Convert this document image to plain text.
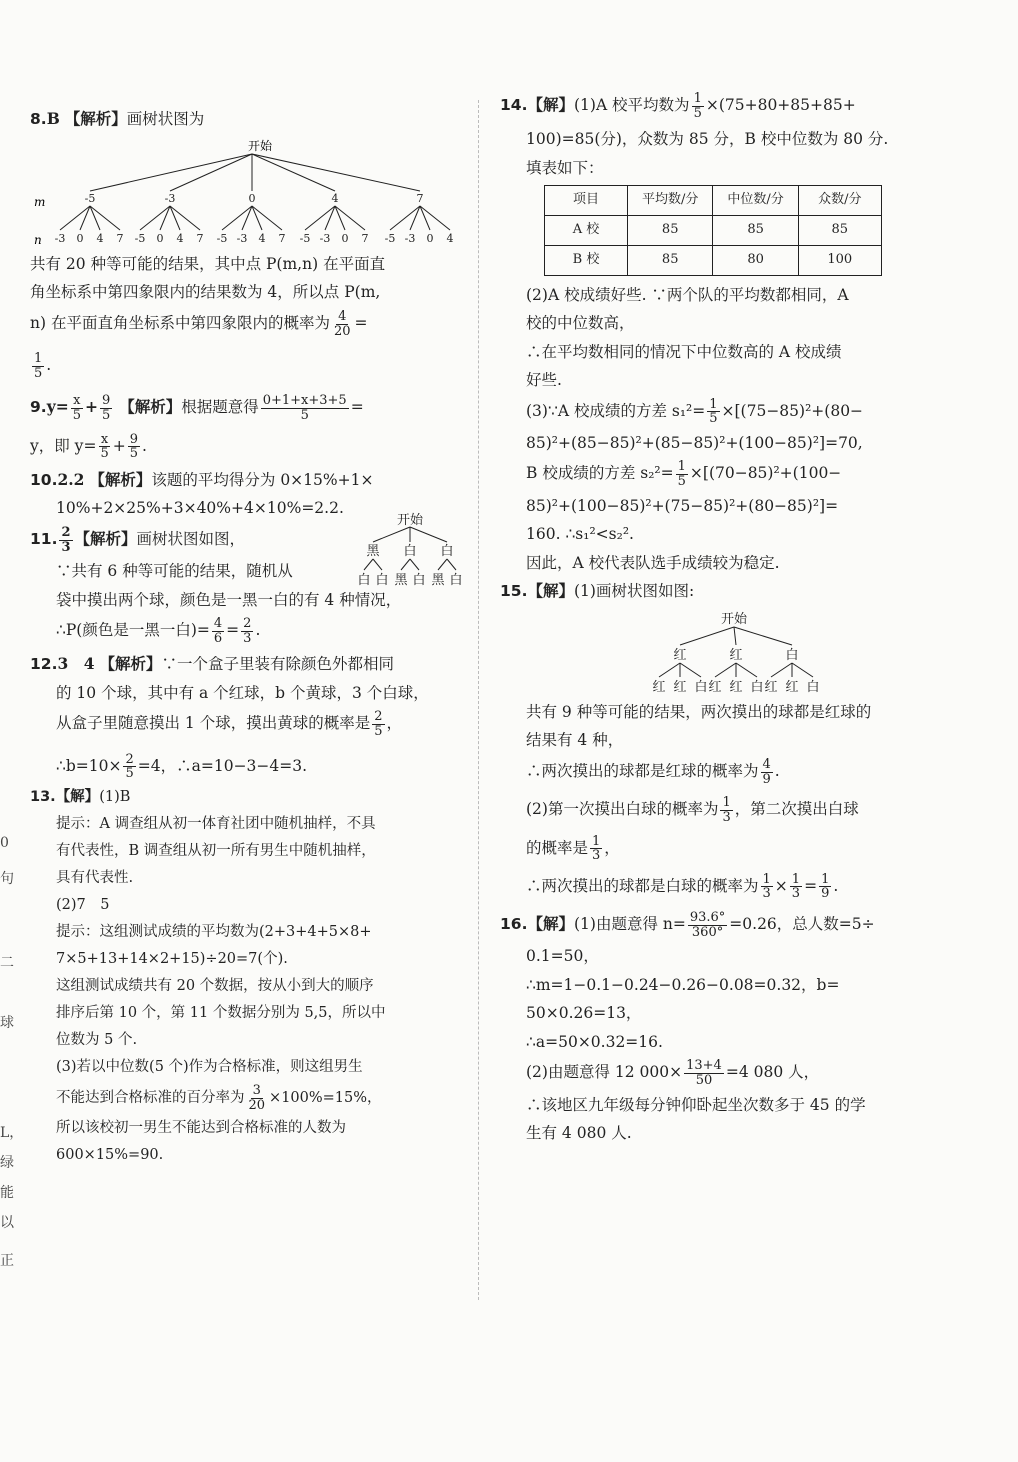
0
句
二
球
L，
绿
能
以
正

8.B 【解析】画树状图为

开始
m
n
-5
-3 0 4 7
-3
-5 0 4 7
0
-5 -3 4 7
4
-5 -3 0 7
7
-5 -3 0 4

共有 20 种等可能的结果，其中点 P(m,n) 在平面直

角坐标系中第四象限内的结果数为 4，所以点 P(m,

n) 在平面直角坐标系中第四象限内的概率为 $\frac{4}{20}$ =

$\frac{1}{5}$ .

$9.y= \frac{x}{5} + \frac{9}{5}$ 【解析】根据题意得 $\frac{0+1+x+3+5}{5}$ =

y，即 $y= \frac{x}{5} + \frac{9}{5}$ .

10.2.2 【解析】该题的平均得分为 0×15%+1×

10%+2×25%+3×40%+4×10%=2.2.

11. $\frac{2}{3}$ 【解析】画树状图如图，

开始
黑
白 白
白
黑 白
白
黑 白

∵共有 6 种等可能的结果，随机从

袋中摸出两个球，颜色是一黑一白的有 4 种情况，

∴P(颜色是一黑一白)= $\frac{4}{6} = \frac{2}{3}$ .

12.3　4 【解析】∵一个盒子里装有除颜色外都相同

的 10 个球，其中有 a 个红球，b 个黄球，3 个白球，

从盒子里随意摸出 1 个球，摸出黄球的概率是 $\frac{2}{5}$ ，

∴b=10× $\frac{2}{5} =4$，∴a=10−3−4=3.

13.【解】(1)B

提示：A 调查组从初一体育社团中随机抽样，不具

有代表性，B 调查组从初一所有男生中随机抽样，

具有代表性.

(2)7　5

提示：这组测试成绩的平均数为(2+3+4+5×8+

7×5+13+14×2+15)÷20=7(个).

这组测试成绩共有 20 个数据，按从小到大的顺序

排序后第 10 个，第 11 个数据分别为 5,5，所以中

位数为 5 个.

(3)若以中位数(5 个)作为合格标准，则这组男生

不能达到合格标准的百分率为 $\frac{3}{20} \times 100\%=15\%$，

所以该校初一男生不能达到合格标准的人数为

600×15%=90.

14.【解】(1)A 校平均数为 $\frac{1}{5} \times(75+80+85+85+$

100)=85(分)，众数为 85 分，B 校中位数为 80 分.

填表如下：

项目	平均数/分	中位数/分	众数/分
A 校	85	85	85
B 校	85	80	100

(2)A 校成绩好些. ∵两个队的平均数都相同，A

校的中位数高，

∴在平均数相同的情况下中位数高的 A 校成绩

好些.

(3)∵A 校成绩的方差 $s_1^2= \frac{1}{5} \times[(75-85)^2+(80-$

85)²+(85−85)²+(85−85)²+(100−85)²]=70,

B 校成绩的方差 $s_2^2= \frac{1}{5} \times[(70-85)^2+(100-$

85)²+(100−85)²+(75−85)²+(80−85)²]=

160. ∴s₁²<s₂².

因此，A 校代表队选手成绩较为稳定.

15.【解】(1)画树状图如图:

开始
红
红 红 白
红
红 红 白
白
红 红 白

共有 9 种等可能的结果，两次摸出的球都是红球的

结果有 4 种，

∴两次摸出的球都是红球的概率为 $\frac{4}{9}$ .

(2)第一次摸出白球的概率为 $\frac{1}{3}$ ，第二次摸出白球

的概率是 $\frac{1}{3}$ ，

∴两次摸出的球都是白球的概率为 $\frac{1}{3} \times \frac{1}{3} = \frac{1}{9}$ .

16.【解】(1)由题意得 $n= \frac{93.6^\circ}{360^\circ} =0.26$，总人数=5÷

0.1=50，

∴m=1−0.1−0.24−0.26−0.08=0.32，b=

50×0.26=13，

∴a=50×0.32=16.

(2)由题意得 12 $000\times \frac{13+4}{50} =4$ 080 人，

∴该地区九年级每分钟仰卧起坐次数多于 45 的学

生有 4 080 人.
